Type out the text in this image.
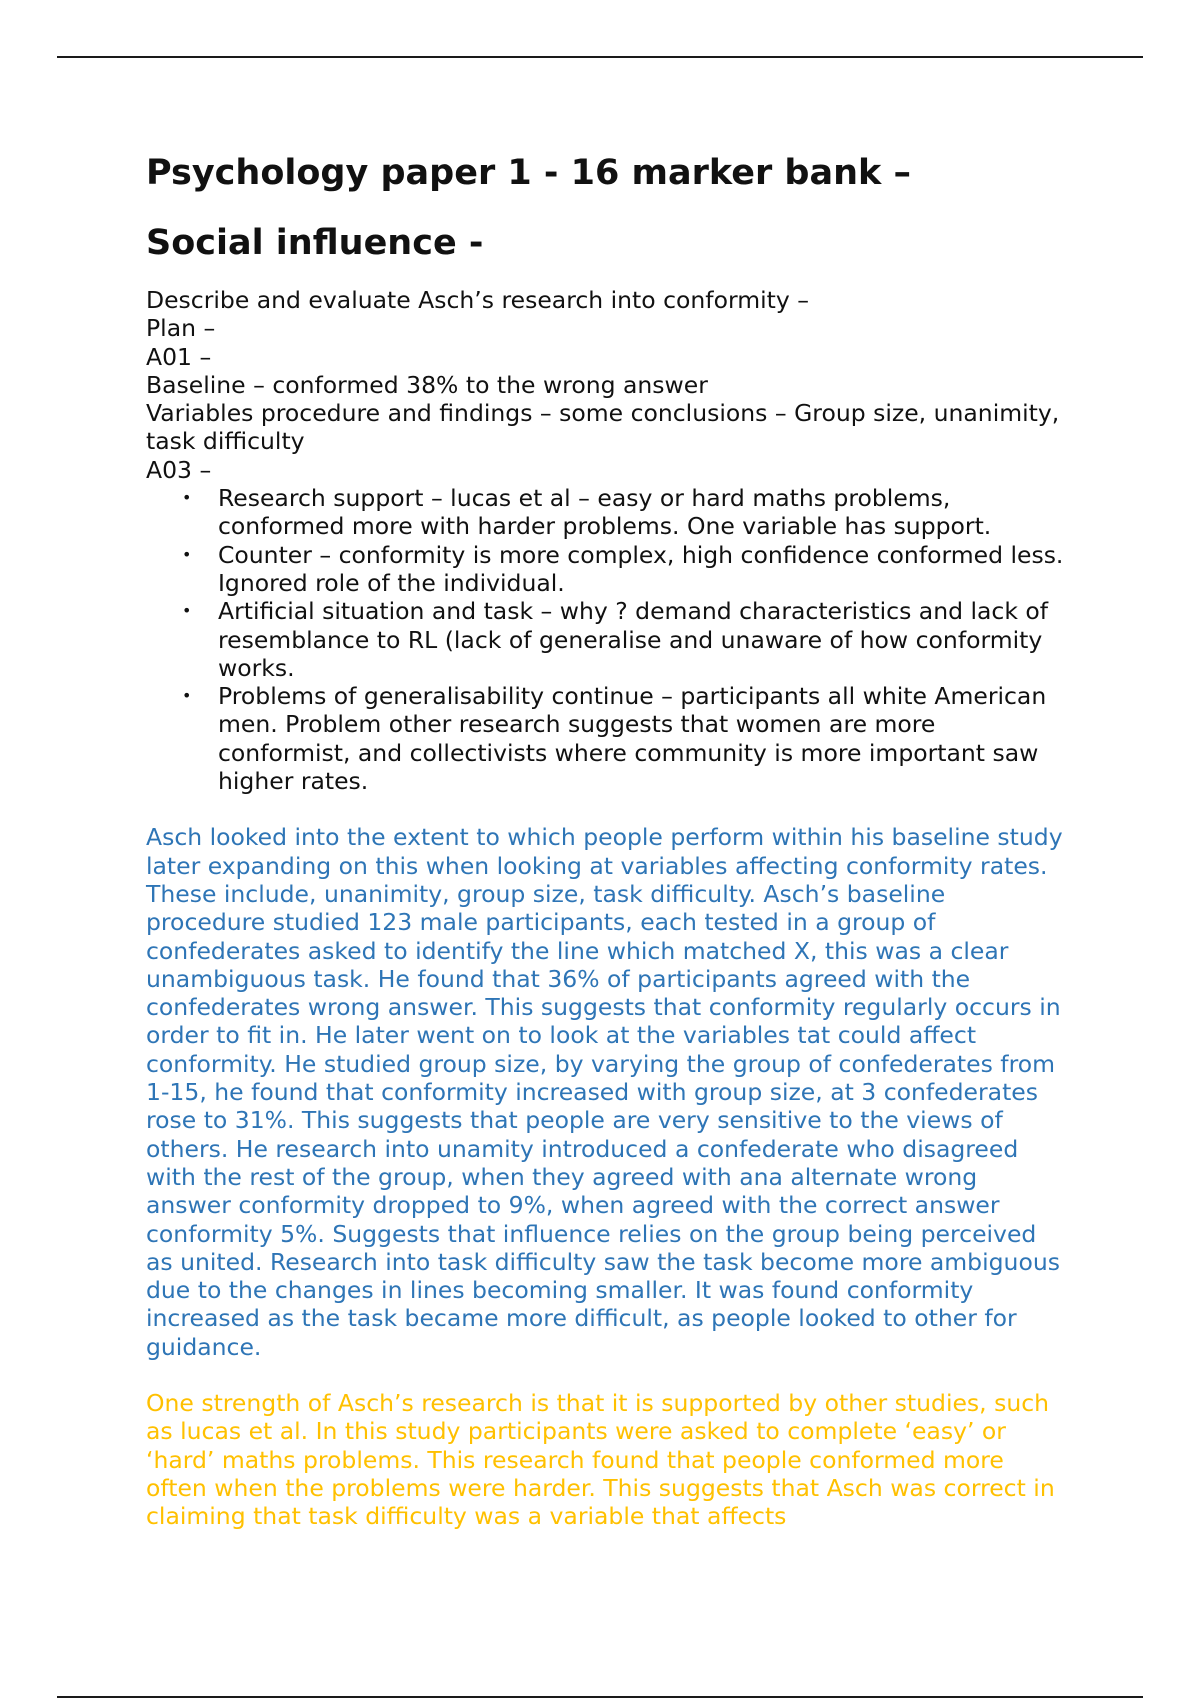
Psychology paper 1 - 16 marker bank –
Social influence -

Describe and evaluate Asch’s research into conformity –

Plan –

A01 –

Baseline – conformed 38% to the wrong answer

Variables procedure and findings – some conclusions – Group size, unanimity, task difficulty

A03 –

• Research support – lucas et al – easy or hard maths problems, conformed more with harder problems. One variable has support.
• Counter – conformity is more complex, high confidence conformed less. Ignored role of the individual.
• Artificial situation and task – why ? demand characteristics and lack of resemblance to RL (lack of generalise and unaware of how conformity works.
• Problems of generalisability continue – participants all white American men. Problem other research suggests that women are more conformist, and collectivists where community is more important saw higher rates.

Asch looked into the extent to which people perform within his baseline study later expanding on this when looking at variables affecting conformity rates. These include, unanimity, group size, task difficulty. Asch’s baseline procedure studied 123 male participants, each tested in a group of confederates asked to identify the line which matched X, this was a clear unambiguous task. He found that 36% of participants agreed with the confederates wrong answer. This suggests that conformity regularly occurs in order to fit in. He later went on to look at the variables tat could affect conformity. He studied group size, by varying the group of confederates from 1-15, he found that conformity increased with group size, at 3 confederates rose to 31%. This suggests that people are very sensitive to the views of others. He research into unamity introduced a confederate who disagreed with the rest of the group, when they agreed with ana alternate wrong answer conformity dropped to 9%, when agreed with the correct answer conformity 5%. Suggests that influence relies on the group being perceived as united. Research into task difficulty saw the task become more ambiguous due to the changes in lines becoming smaller. It was found conformity increased as the task became more difficult, as people looked to other for guidance.

One strength of Asch’s research is that it is supported by other studies, such as lucas et al. In this study participants were asked to complete ‘easy’ or ‘hard’ maths problems. This research found that people conformed more often when the problems were harder. This suggests that Asch was correct in claiming that task difficulty was a variable that affects
